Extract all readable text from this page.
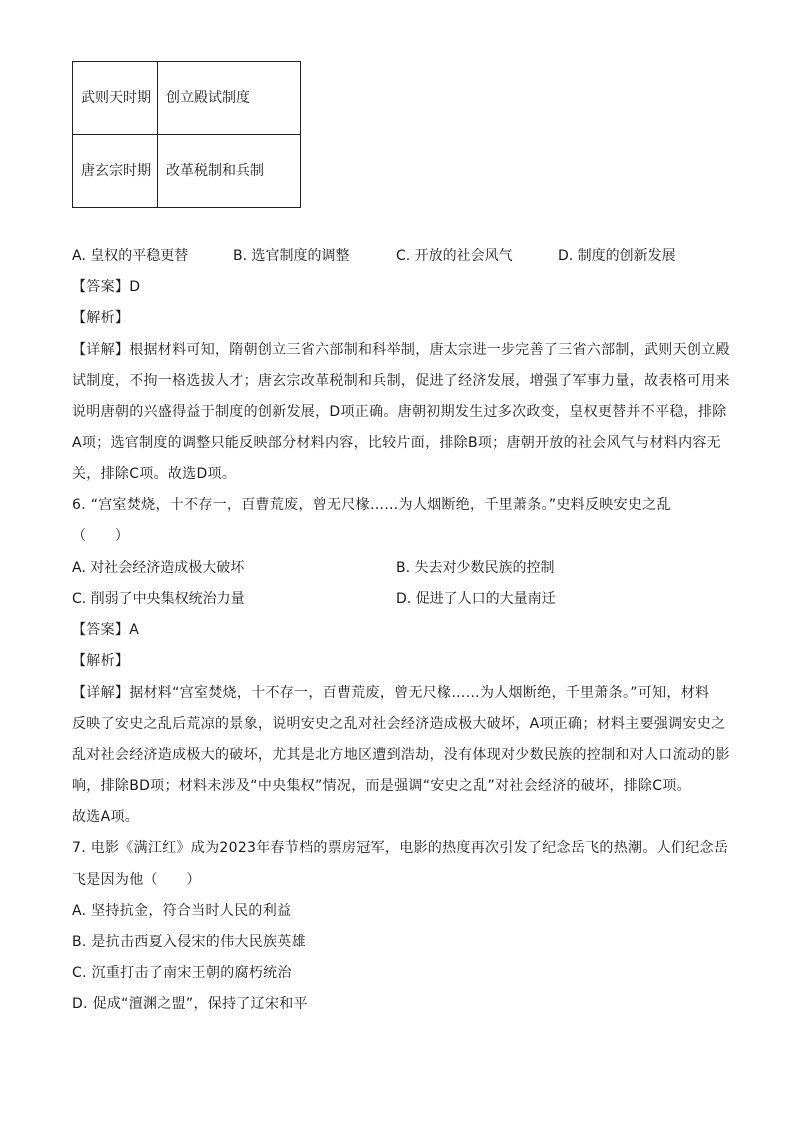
武则天时期	创立殿试制度
唐玄宗时期	改革税制和兵制
A. 皇权的平稳更替	B. 选官制度的调整	C. 开放的社会风气	D. 制度的创新发展
【答案】D
【解析】
【详解】根据材料可知，隋朝创立三省六部制和科举制，唐太宗进一步完善了三省六部制，武则天创立殿
试制度，不拘一格选拔人才；唐玄宗改革税制和兵制，促进了经济发展，增强了军事力量，故表格可用来
说明唐朝的兴盛得益于制度的创新发展，D项正确。唐朝初期发生过多次政变，皇权更替并不平稳，排除
A项；选官制度的调整只能反映部分材料内容，比较片面，排除B项；唐朝开放的社会风气与材料内容无
关，排除C项。故选D项。
6. “宫室焚烧，十不存一，百曹荒废，曾无尺椽……为人烟断绝，千里萧条。”史料反映安史之乱
（　　）
A. 对社会经济造成极大破坏	B. 失去对少数民族的控制
C. 削弱了中央集权统治力量	D. 促进了人口的大量南迁
【答案】A
【解析】
【详解】据材料“宫室焚烧，十不存一，百曹荒废，曾无尺椽……为人烟断绝，千里萧条。”可知，材料
反映了安史之乱后荒凉的景象，说明安史之乱对社会经济造成极大破坏，A项正确；材料主要强调安史之
乱对社会经济造成极大的破坏，尤其是北方地区遭到浩劫，没有体现对少数民族的控制和对人口流动的影
响，排除BD项；材料未涉及“中央集权”情况，而是强调“安史之乱”对社会经济的破坏，排除C项。
故选A项。
7. 电影《满江红》成为2023年春节档的票房冠军，电影的热度再次引发了纪念岳飞的热潮。人们纪念岳
飞是因为他（　　）
A. 坚持抗金，符合当时人民的利益
B. 是抗击西夏入侵宋的伟大民族英雄
C. 沉重打击了南宋王朝的腐朽统治
D. 促成“澶渊之盟”，保持了辽宋和平
